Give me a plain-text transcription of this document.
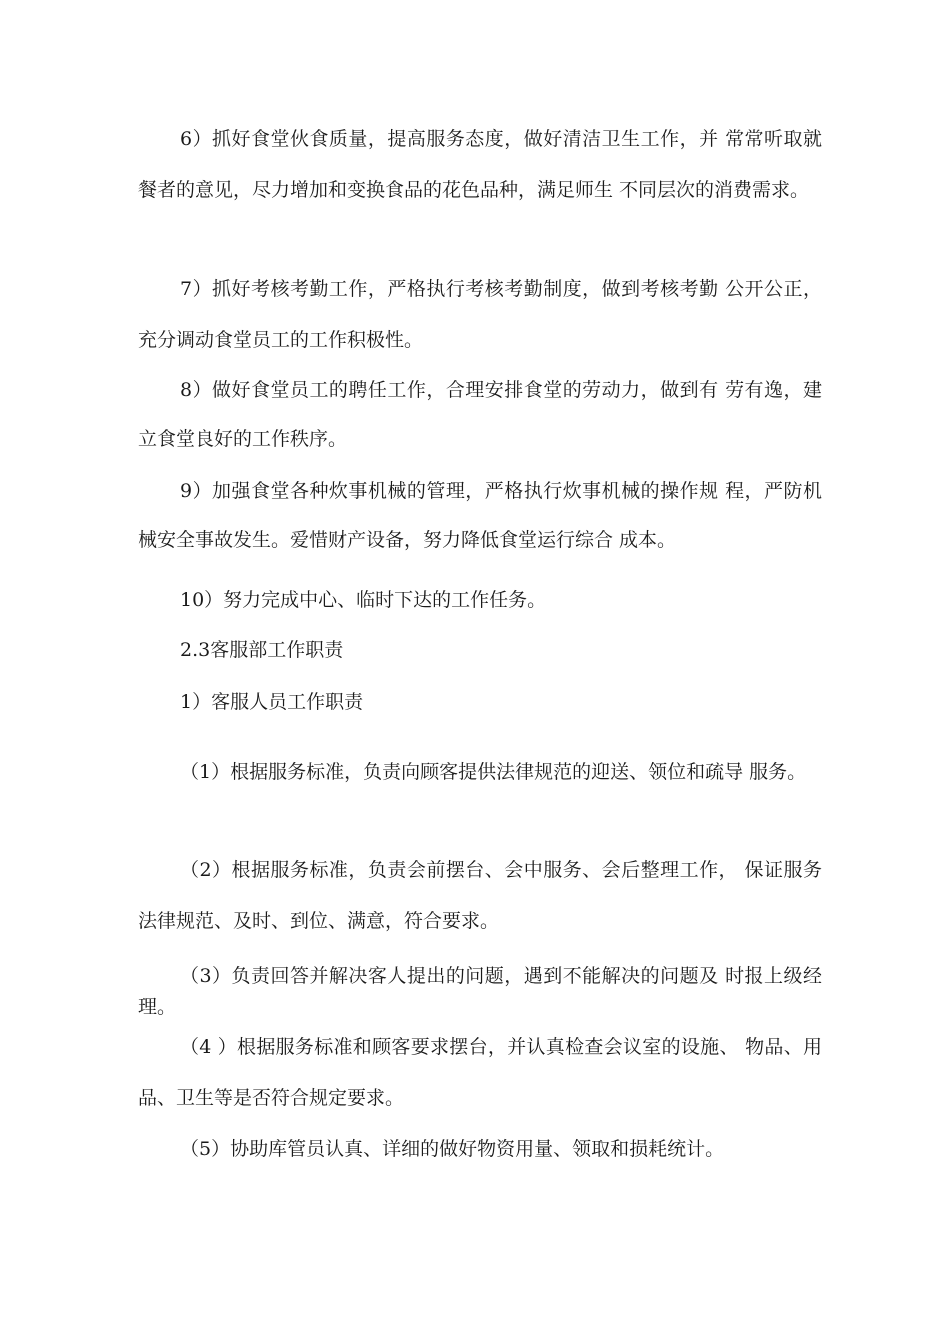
6）抓好食堂伙食质量，提高服务态度，做好清洁卫生工作，并 常常听取就餐者的意见，尽力增加和变换食品的花色品种，满足师生 不同层次的消费需求。

7）抓好考核考勤工作，严格执行考核考勤制度，做到考核考勤 公开公正，充分调动食堂员工的工作积极性。

8）做好食堂员工的聘任工作，合理安排食堂的劳动力，做到有 劳有逸，建立食堂良好的工作秩序。

9）加强食堂各种炊事机械的管理，严格执行炊事机械的操作规 程，严防机械安全事故发生。爱惜财产设备，努力降低食堂运行综合 成本。

10）努力完成中心、临时下达的工作任务。

2.3客服部工作职责

1）客服人员工作职责

（1）根据服务标准，负责向顾客提供法律规范的迎送、领位和疏导 服务。

（2）根据服务标准，负责会前摆台、会中服务、会后整理工作， 保证服务法律规范、及时、到位、满意，符合要求。

（3）负责回答并解决客人提出的问题，遇到不能解决的问题及 时报上级经理。

（4 ）根据服务标准和顾客要求摆台，并认真检查会议室的设施、 物品、用品、卫生等是否符合规定要求。

（5）协助库管员认真、详细的做好物资用量、领取和损耗统计。
